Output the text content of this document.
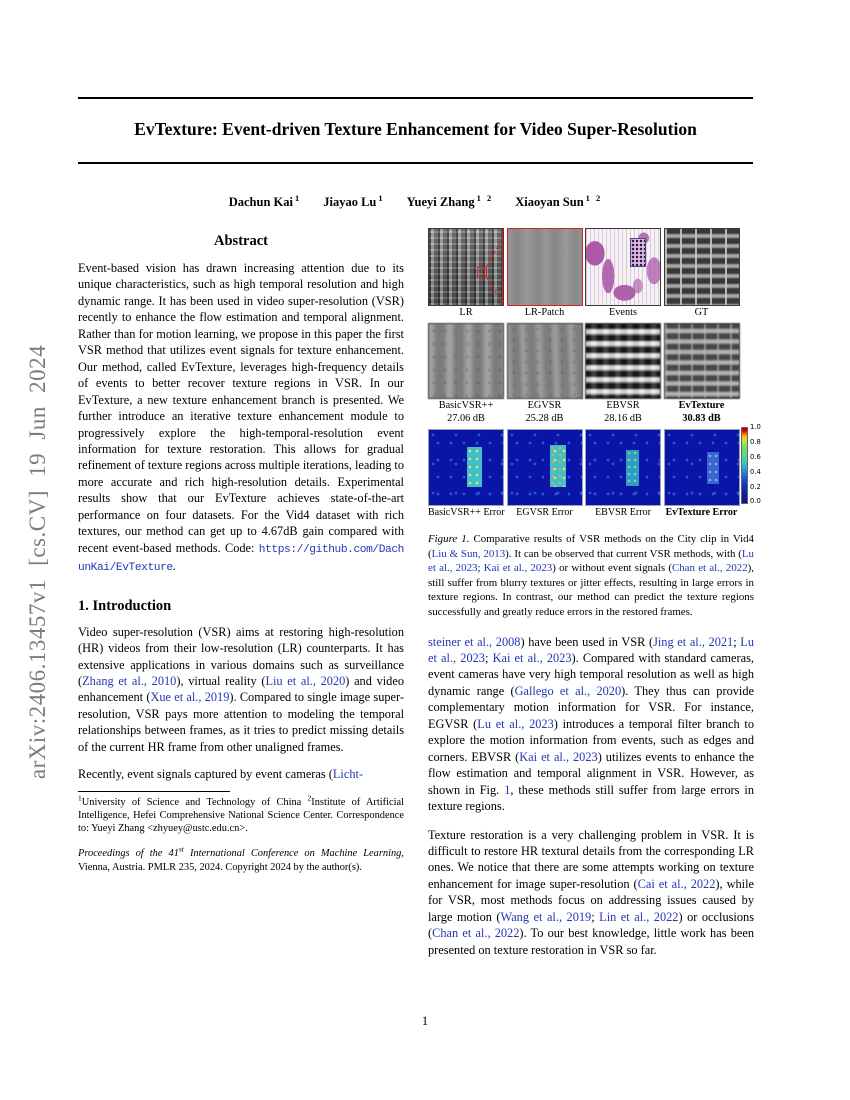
arXiv:2406.13457v1 [cs.CV] 19 Jun 2024
EvTexture: Event-driven Texture Enhancement for Video Super-Resolution
Dachun Kai $^1$ Jiayao Lu $^1$ Yueyi Zhang $^{1 2}$ Xiaoyan Sun $^{1 2}$
Abstract
Event-based vision has drawn increasing attention due to its unique characteristics, such as high temporal resolution and high dynamic range. It has been used in video super-resolution (VSR) recently to enhance the flow estimation and temporal alignment. Rather than for motion learning, we propose in this paper the first VSR method that utilizes event signals for texture enhancement. Our method, called EvTexture, leverages high-frequency details of events to better recover texture regions in VSR. In our EvTexture, a new texture enhancement branch is presented. We further introduce an iterative texture enhancement module to progressively explore the high-temporal-resolution event information for texture restoration. This allows for gradual refinement of texture regions across multiple iterations, leading to more accurate and rich high-resolution details. Experimental results show that our EvTexture achieves state-of-the-art performance on four datasets. For the Vid4 dataset with rich textures, our method can get up to 4.67dB gain compared with recent event-based methods. Code: https://github.com/DachunKai/EvTexture.
1. Introduction
Video super-resolution (VSR) aims at restoring high-resolution (HR) videos from their low-resolution (LR) counterparts. It has extensive applications in various domains such as surveillance (Zhang et al., 2010), virtual reality (Liu et al., 2020) and video enhancement (Xue et al., 2019). Compared to single image super-resolution, VSR pays more attention to modeling the temporal relationships between frames, as it tries to predict missing details of the current HR frame from other unaligned frames.
Recently, event signals captured by event cameras (Licht-
$^1$University of Science and Technology of China $^2$Institute of Artificial Intelligence, Hefei Comprehensive National Science Center. Correspondence to: Yueyi Zhang <zhyuey@ustc.edu.cn>.
Proceedings of the 41st International Conference on Machine Learning, Vienna, Austria. PMLR 235, 2024. Copyright 2024 by the author(s).
LR	LR-Patch	Events	GT
BasicVSR++
27.06 dB
EGVSR
25.28 dB
EBVSR
28.16 dB
EvTexture
30.83 dB
BasicVSR++ Error	EGVSR Error	EBVSR Error	EvTexture Error
1.0
0.8
0.6
0.4
0.2
0.0
Figure 1. Comparative results of VSR methods on the City clip in Vid4 (Liu & Sun, 2013). It can be observed that current VSR methods, with (Lu et al., 2023; Kai et al., 2023) or without event signals (Chan et al., 2022), still suffer from blurry textures or jitter effects, resulting in large errors in texture regions. In contrast, our method can predict the texture regions successfully and greatly reduce errors in the restored frames.
steiner et al., 2008) have been used in VSR (Jing et al., 2021; Lu et al., 2023; Kai et al., 2023). Compared with standard cameras, event cameras have very high temporal resolution as well as high dynamic range (Gallego et al., 2020). They thus can provide complementary motion information for VSR. For instance, EGVSR (Lu et al., 2023) introduces a temporal filter branch to explore the motion information from events, such as edges and corners. EBVSR (Kai et al., 2023) utilizes events to enhance the flow estimation and temporal alignment in VSR. However, as shown in Fig. 1, these methods still suffer from large errors in texture regions.
Texture restoration is a very challenging problem in VSR. It is difficult to restore HR textural details from the corresponding LR ones. We notice that there are some attempts working on texture enhancement for image super-resolution (Cai et al., 2022), while for VSR, most methods focus on addressing issues caused by large motion (Wang et al., 2019; Lin et al., 2022) or occlusions (Chan et al., 2022). To our best knowledge, little work has been presented on texture restoration in VSR so far.
1
